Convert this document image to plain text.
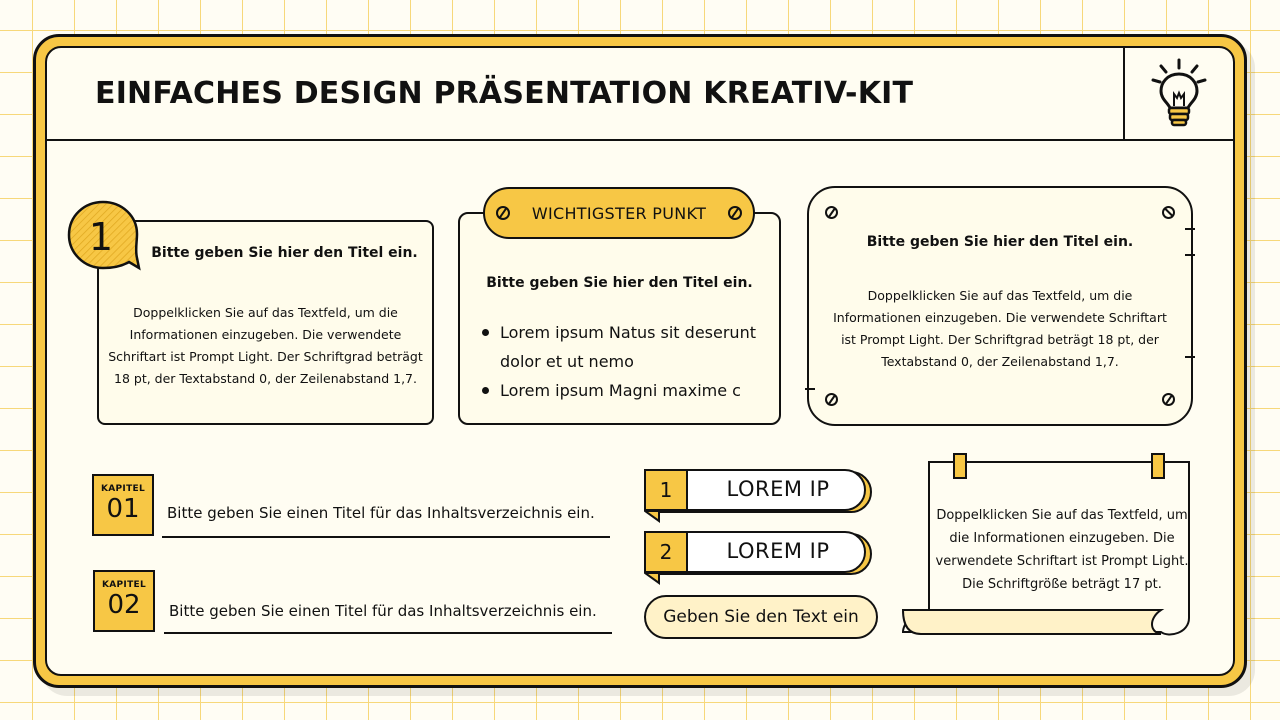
EINFACHES DESIGN PRÄSENTATION KREATIV-KIT
Bitte geben Sie hier den Titel ein.
Doppelklicken Sie auf das Textfeld, um die Informationen einzugeben. Die verwendete Schriftart ist Prompt Light. Der Schriftgrad beträgt 18 pt, der Textabstand 0, der Zeilenabstand 1,7.
1
Bitte geben Sie hier den Titel ein.
Lorem ipsum Natus sit deserunt dolor et ut nemo
Lorem ipsum Magni maxime c
WICHTIGSTER PUNKT
Bitte geben Sie hier den Titel ein.
Doppelklicken Sie auf das Textfeld, um die Informationen einzugeben. Die verwendete Schriftart ist Prompt Light. Der Schriftgrad beträgt 18 pt, der Textabstand 0, der Zeilenabstand 1,7.
KAPITEL
01	Bitte geben Sie einen Titel für das Inhaltsverzeichnis ein.
KAPITEL
02	Bitte geben Sie einen Titel für das Inhaltsverzeichnis ein.
1	LOREM IP
2	LOREM IP
Geben Sie den Text ein
Doppelklicken Sie auf das Textfeld, um die Informationen einzugeben. Die verwendete Schriftart ist Prompt Light. Die Schriftgröße beträgt 17 pt.
